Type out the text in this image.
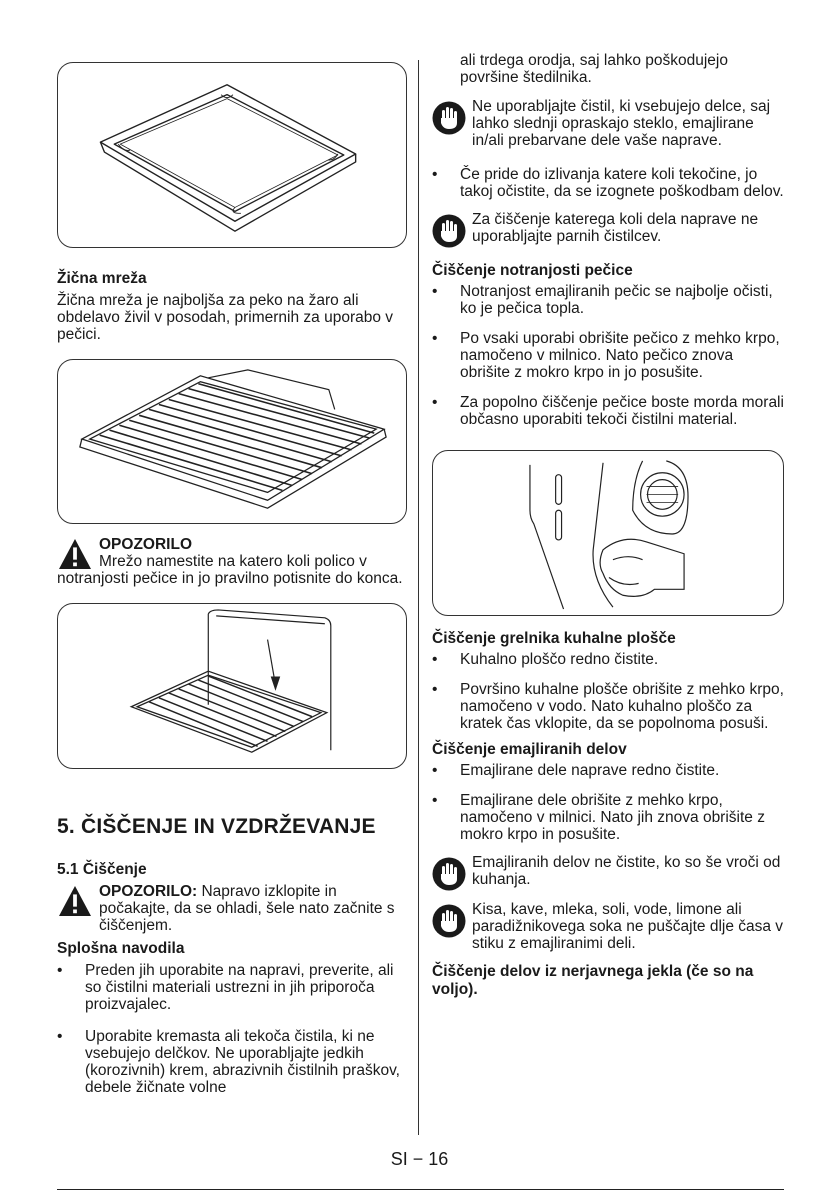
Žična mreža

Žična mreža je najboljša za peko na žaro ali obdelavo živil v posodah, primernih za uporabo v pečici.

OPOZORILO
Mrežo namestite na katero koli polico v notranjosti pečice in jo pravilno potisnite do konca.

5. ČIŠČENJE IN VZDRŽEVANJE

5.1 Čiščenje

OPOZORILO: Napravo izklopite in počakajte, da se ohladi, šele nato začnite s čiščenjem.

Splošna navodila

• Preden jih uporabite na napravi, preverite, ali so čistilni materiali ustrezni in jih priporoča proizvajalec.
• Uporabite kremasta ali tekoča čistila, ki ne vsebujejo delčkov. Ne uporabljajte jedkih (korozivnih) krem, abrazivnih čistilnih praškov, debele žičnate volne

ali trdega orodja, saj lahko poškodujejo površine štedilnika.

Ne uporabljajte čistil, ki vsebujejo delce, saj lahko slednji opraskajo steklo, emajlirane in/ali prebarvane dele vaše naprave.
• Če pride do izlivanja katere koli tekočine, jo takoj očistite, da se izognete poškodbam delov.
Za čiščenje katerega koli dela naprave ne uporabljajte parnih čistilcev.

Čiščenje notranjosti pečice

• Notranjost emajliranih pečic se najbolje očisti, ko je pečica topla.
• Po vsaki uporabi obrišite pečico z mehko krpo, namočeno v milnico. Nato pečico znova obrišite z mokro krpo in jo posušite.
• Za popolno čiščenje pečice boste morda morali občasno uporabiti tekoči čistilni material.

Čiščenje grelnika kuhalne plošče

• Kuhalno ploščo redno čistite.
• Površino kuhalne plošče obrišite z mehko krpo, namočeno v vodo. Nato kuhalno ploščo za kratek čas vklopite, da se popolnoma posuši.

Čiščenje emajliranih delov

• Emajlirane dele naprave redno čistite.
• Emajlirane dele obrišite z mehko krpo, namočeno v milnici. Nato jih znova obrišite z mokro krpo in posušite.
Emajliranih delov ne čistite, ko so še vroči od kuhanja.
Kisa, kave, mleka, soli, vode, limone ali paradižnikovega soka ne puščajte dlje časa v stiku z emajliranimi deli.

Čiščenje delov iz nerjavnega jekla (če so na voljo).

SI − 16
